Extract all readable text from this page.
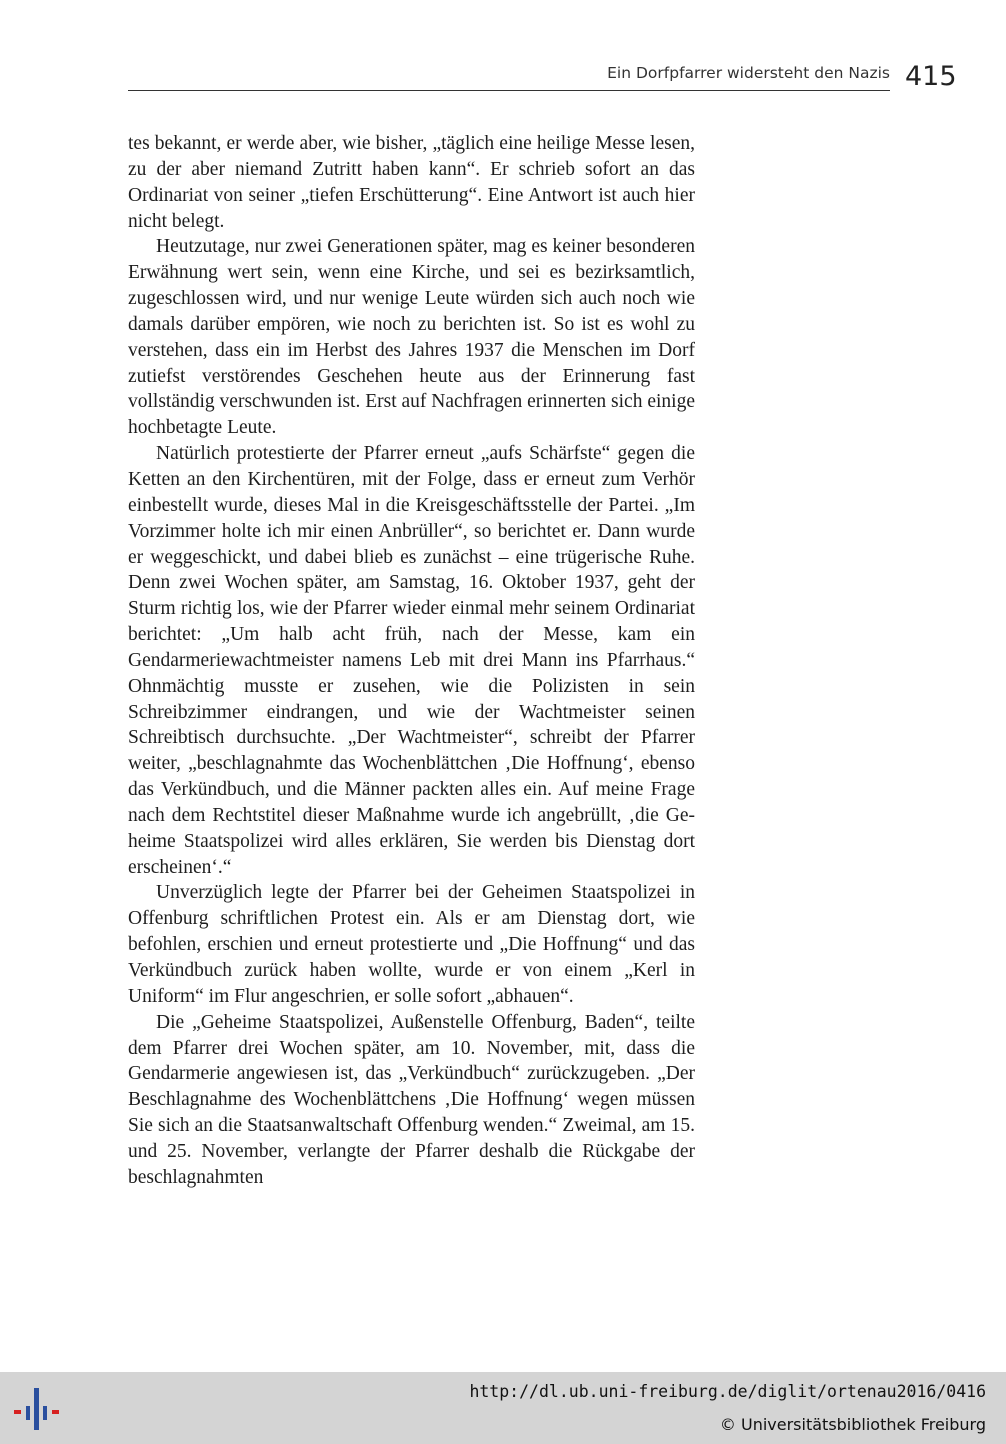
Ein Dorfpfarrer widersteht den Nazis 415

tes bekannt, er werde aber, wie bisher, „täglich eine heilige Messe lesen, zu der aber niemand Zutritt haben kann“. Er schrieb sofort an das Ordinariat von seiner „tiefen Erschütterung“. Eine Antwort ist auch hier nicht belegt.

Heutzutage, nur zwei Generationen später, mag es keiner besonderen Erwähnung wert sein, wenn eine Kirche, und sei es bezirksamtlich, zugeschlossen wird, und nur wenige Leute würden sich auch noch wie damals darüber empören, wie noch zu berichten ist. So ist es wohl zu verstehen, dass ein im Herbst des Jahres 1937 die Menschen im Dorf zutiefst verstörendes Geschehen heute aus der Erinnerung fast vollständig verschwunden ist. Erst auf Nachfragen erinnerten sich einige hochbetagte Leute.

Natürlich protestierte der Pfarrer erneut „aufs Schärfste“ gegen die Ketten an den Kirchentüren, mit der Folge, dass er erneut zum Verhör einbestellt wurde, dieses Mal in die Kreisgeschäftsstelle der Partei. „Im Vorzimmer holte ich mir einen Anbrüller“, so berichtet er. Dann wurde er weggeschickt, und dabei blieb es zunächst – eine trügerische Ruhe. Denn zwei Wochen später, am Samstag, 16. Oktober 1937, geht der Sturm richtig los, wie der Pfarrer wieder einmal mehr seinem Ordinariat berichtet: „Um halb acht früh, nach der Messe, kam ein Gendarmeriewachtmeister namens Leb mit drei Mann ins Pfarrhaus.“ Ohnmächtig musste er zusehen, wie die Polizisten in sein Schreibzimmer eindrangen, und wie der Wachtmeister seinen Schreibtisch durchsuchte. „Der Wachtmeister“, schreibt der Pfarrer weiter, „beschlagnahmte das Wochenblättchen ‚Die Hoffnung‘, ebenso das Verkündbuch, und die Männer packten alles ein. Auf meine Frage nach dem Rechtstitel dieser Maßnahme wurde ich angebrüllt, ‚die Geheime Staatspolizei wird alles erklären, Sie werden bis Dienstag dort erscheinen‘.“

Unverzüglich legte der Pfarrer bei der Geheimen Staatspolizei in Offenburg schriftlichen Protest ein. Als er am Dienstag dort, wie befohlen, erschien und erneut protestierte und „Die Hoffnung“ und das Verkündbuch zurück haben wollte, wurde er von einem „Kerl in Uniform“ im Flur angeschrien, er solle sofort „abhauen“.

Die „Geheime Staatspolizei, Außenstelle Offenburg, Baden“, teilte dem Pfarrer drei Wochen später, am 10. November, mit, dass die Gendarmerie angewiesen ist, das „Verkündbuch“ zurückzugeben. „Der Beschlagnahme des Wochenblättchens ‚Die Hoffnung‘ wegen müssen Sie sich an die Staatsanwaltschaft Offenburg wenden.“ Zweimal, am 15. und 25. November, verlangte der Pfarrer deshalb die Rückgabe der beschlagnahmten

http://dl.ub.uni-freiburg.de/diglit/ortenau2016/0416
© Universitätsbibliothek Freiburg
